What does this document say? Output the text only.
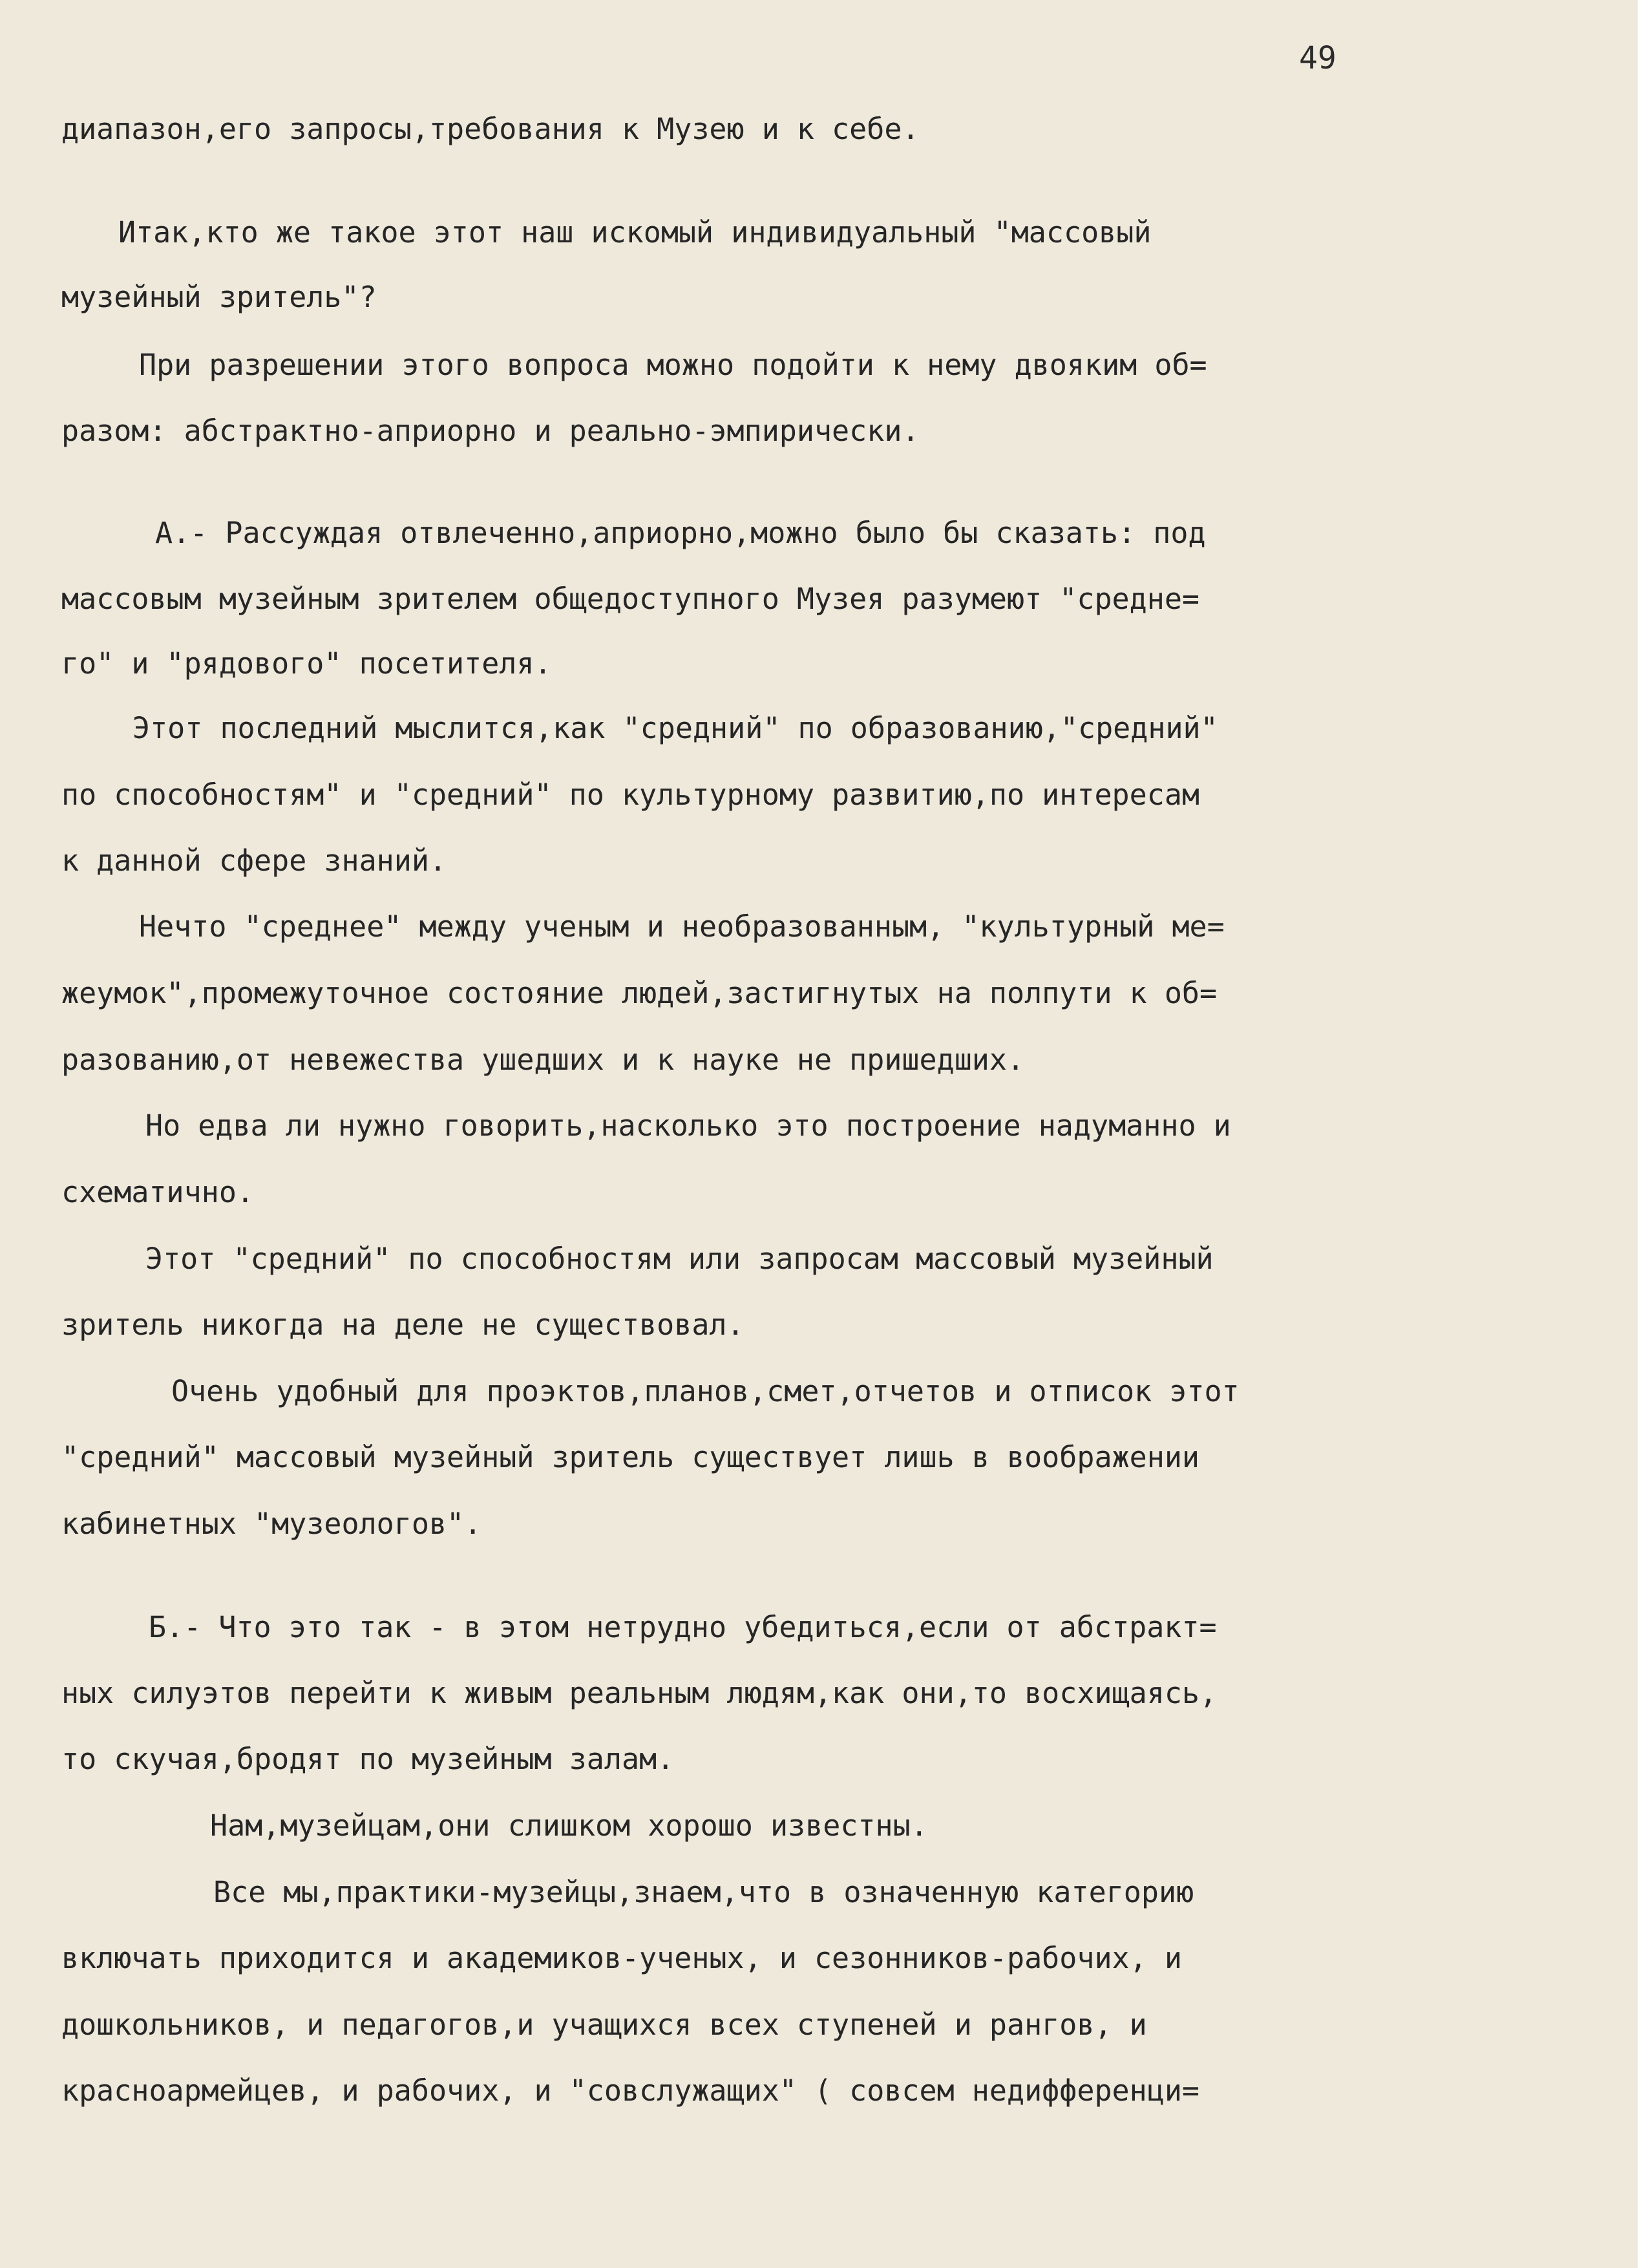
49
диапазон,его запросы,требования к Музею и к себе.
Итак,кто же такое этот наш искомый индивидуальный "массовый
музейный зритель"?
При разрешении этого вопроса можно подойти к нему двояким об=
разом: абстрактно-априорно и реально-эмпирически.
А.- Рассуждая отвлеченно,априорно,можно было бы сказать: под
массовым музейным зрителем общедоступного Музея разумеют "средне=
го" и "рядового" посетителя.
Этот последний мыслится,как "средний" по образованию,"средний"
по способностям" и "средний" по культурному развитию,по интересам
к данной сфере знаний.
Нечто "среднее" между ученым и необразованным, "культурный ме=
жеумок",промежуточное состояние людей,застигнутых на полпути к об=
разованию,от невежества ушедших и к науке не пришедших.
Но едва ли нужно говорить,насколько это построение надуманно и
схематично.
Этот "средний" по способностям или запросам массовый музейный
зритель никогда на деле не существовал.
Очень удобный для проэктов,планов,смет,отчетов и отписок этот
"средний" массовый музейный зритель существует лишь в воображении
кабинетных "музеологов".
Б.- Что это так - в этом нетрудно убедиться,если от абстракт=
ных силуэтов перейти к живым реальным людям,как они,то восхищаясь,
то скучая,бродят по музейным залам.
Нам,музейцам,они слишком хорошо известны.
Все мы,практики-музейцы,знаем,что в означенную категорию
включать приходится и академиков-ученых, и сезонников-рабочих, и
дошкольников, и педагогов,и учащихся всех ступеней и рангов, и
красноармейцев, и рабочих, и "совслужащих" ( совсем недифференци=
